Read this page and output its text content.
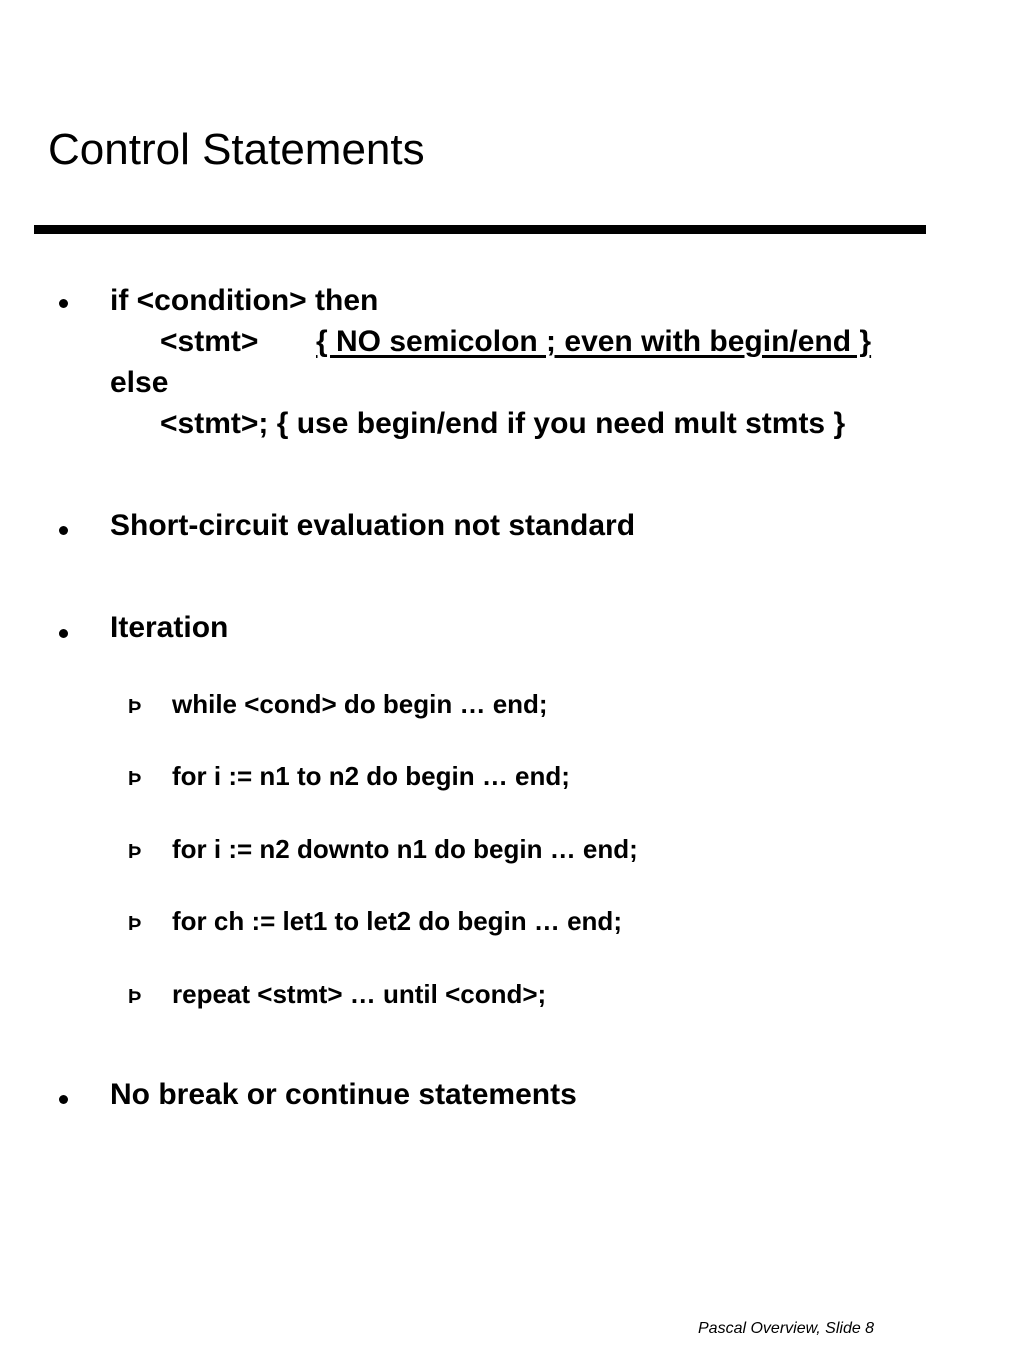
Control Statements
if <condition> then
<stmt> { NO semicolon ; even with begin/end }
else
<stmt>; { use begin/end if you need mult stmts }
Short-circuit evaluation not standard
Iteration
Þ while <cond> do begin … end;
Þ for i := n1 to n2 do begin … end;
Þ for i := n2 downto n1 do begin … end;
Þ for ch := let1 to let2 do begin … end;
Þ repeat <stmt> … until <cond>;
No break or continue statements
Pascal Overview, Slide 8
